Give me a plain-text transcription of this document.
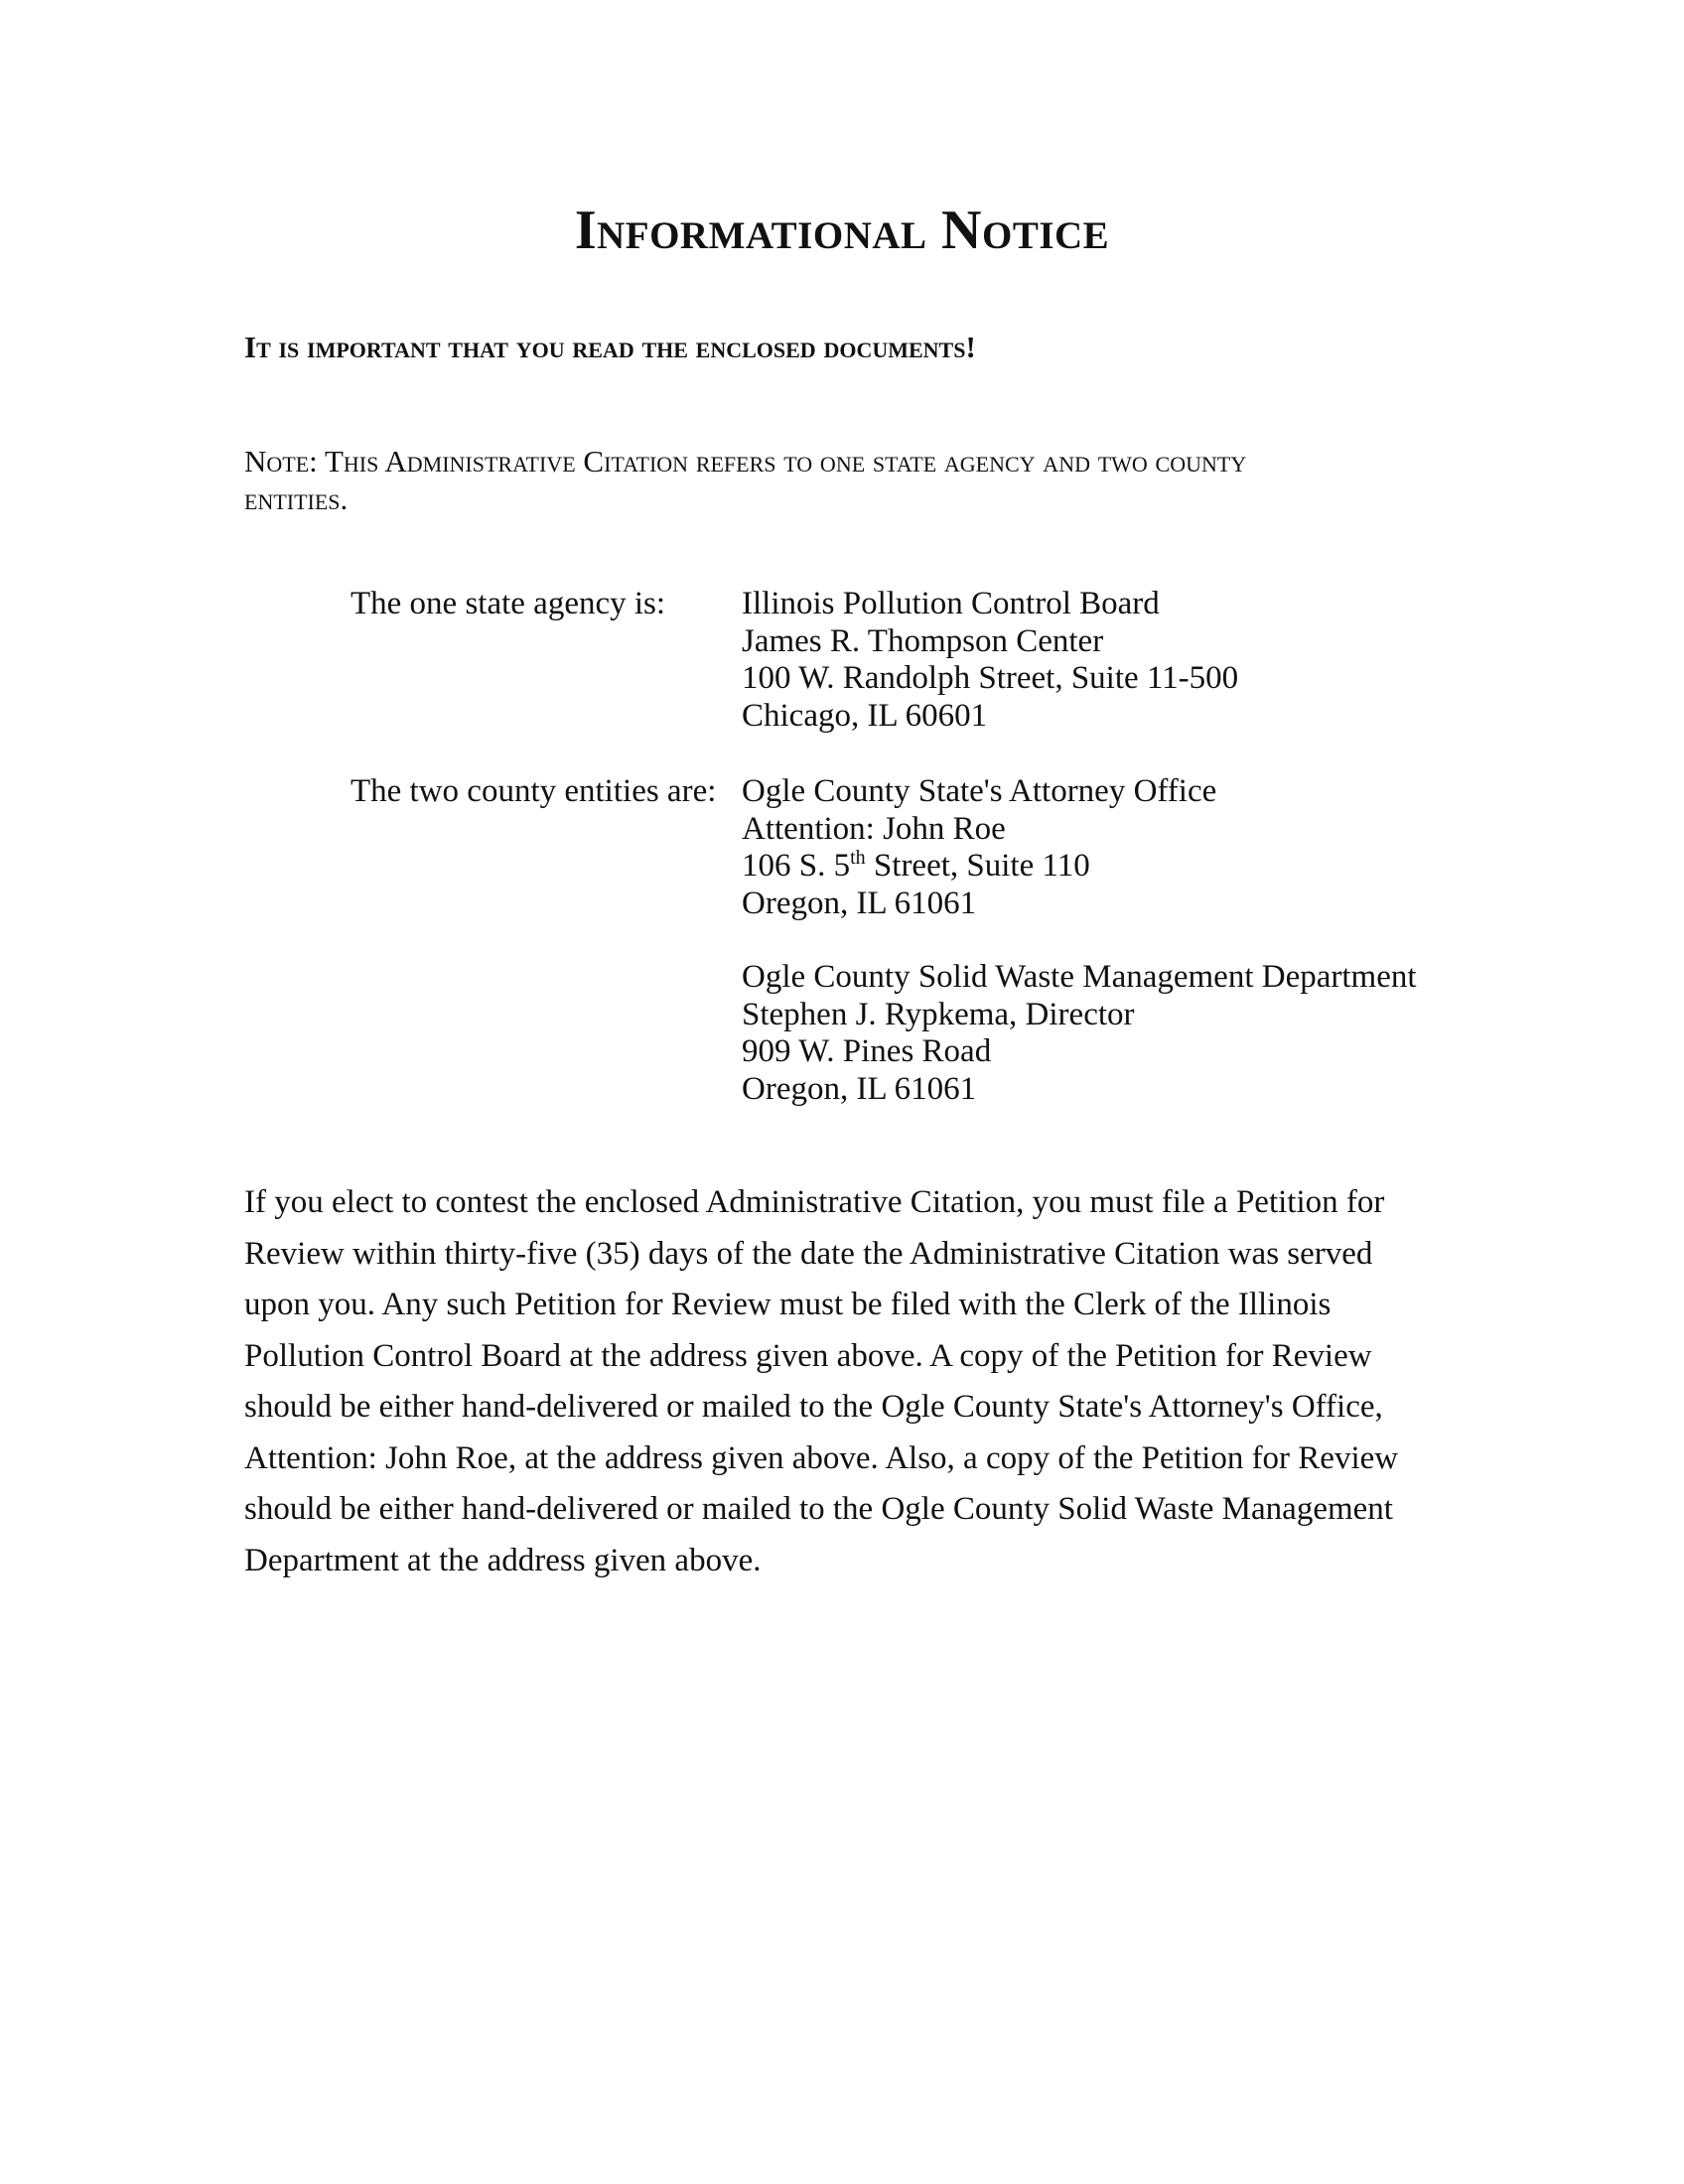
Informational Notice
It is important that you read the enclosed documents!
Note: This Administrative Citation refers to one state agency and two county
entities.
The one state agency is: Illinois Pollution Control Board
James R. Thompson Center
100 W. Randolph Street, Suite 11-500
Chicago, IL 60601
The two county entities are: Ogle County State's Attorney Office
Attention: John Roe
106 S. 5th Street, Suite 110
Oregon, IL 61061
Ogle County Solid Waste Management Department
Stephen J. Rypkema, Director
909 W. Pines Road
Oregon, IL 61061
If you elect to contest the enclosed Administrative Citation, you must file a Petition for
Review within thirty-five (35) days of the date the Administrative Citation was served
upon you. Any such Petition for Review must be filed with the Clerk of the Illinois
Pollution Control Board at the address given above. A copy of the Petition for Review
should be either hand-delivered or mailed to the Ogle County State's Attorney's Office,
Attention: John Roe, at the address given above. Also, a copy of the Petition for Review
should be either hand-delivered or mailed to the Ogle County Solid Waste Management
Department at the address given above.
